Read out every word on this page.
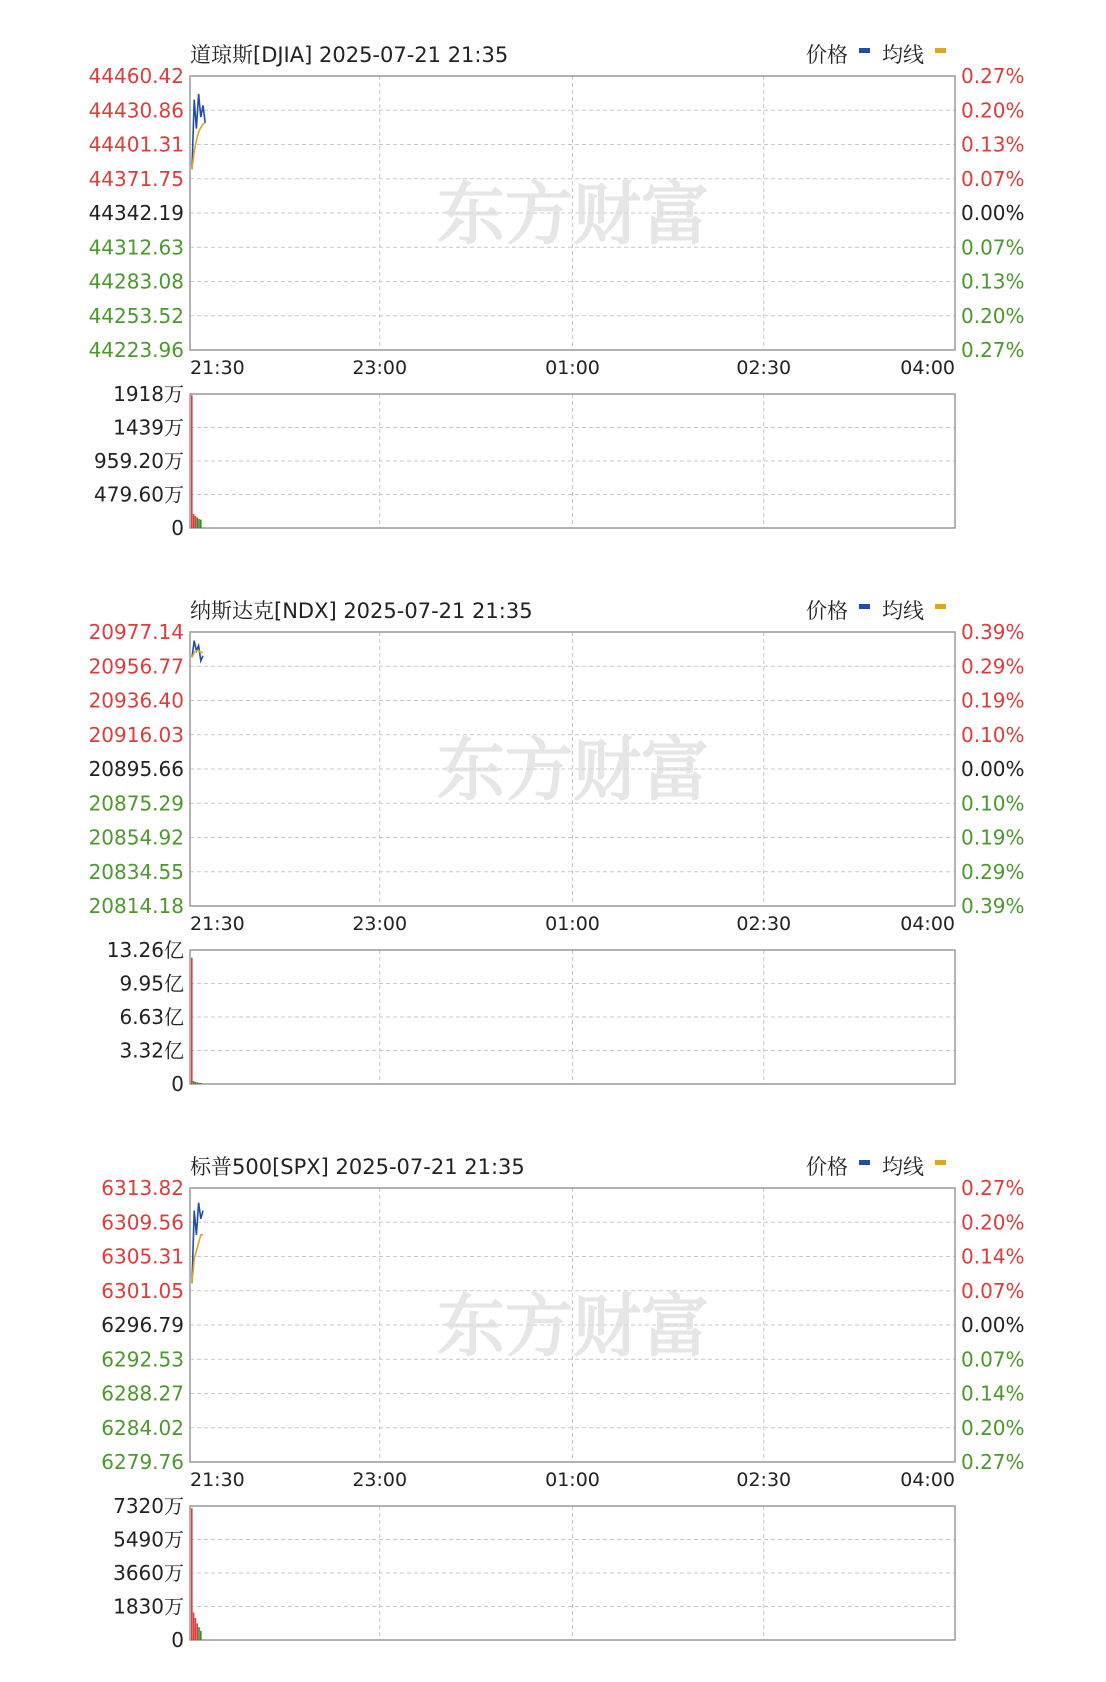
道琼斯[DJIA] 2025-07-21 21:35	价格 均线
东方财富
44460.42
44430.86
44401.31
44371.75
44342.19
44312.63
44283.08
44253.52
44223.96
0.27%
0.20%
0.13%
0.07%
0.00%
0.07%
0.13%
0.20%
0.27%
21:30	23:00	01:00	02:30	04:00
1918万
1439万
959.20万
479.60万
0
纳斯达克[NDX] 2025-07-21 21:35	价格 均线
东方财富
20977.14
20956.77
20936.40
20916.03
20895.66
20875.29
20854.92
20834.55
20814.18
0.39%
0.29%
0.19%
0.10%
0.00%
0.10%
0.19%
0.29%
0.39%
21:30	23:00	01:00	02:30	04:00
13.26亿
9.95亿
6.63亿
3.32亿
0
标普500[SPX] 2025-07-21 21:35	价格 均线
东方财富
6313.82
6309.56
6305.31
6301.05
6296.79
6292.53
6288.27
6284.02
6279.76
0.27%
0.20%
0.14%
0.07%
0.00%
0.07%
0.14%
0.20%
0.27%
21:30	23:00	01:00	02:30	04:00
7320万
5490万
3660万
1830万
0
